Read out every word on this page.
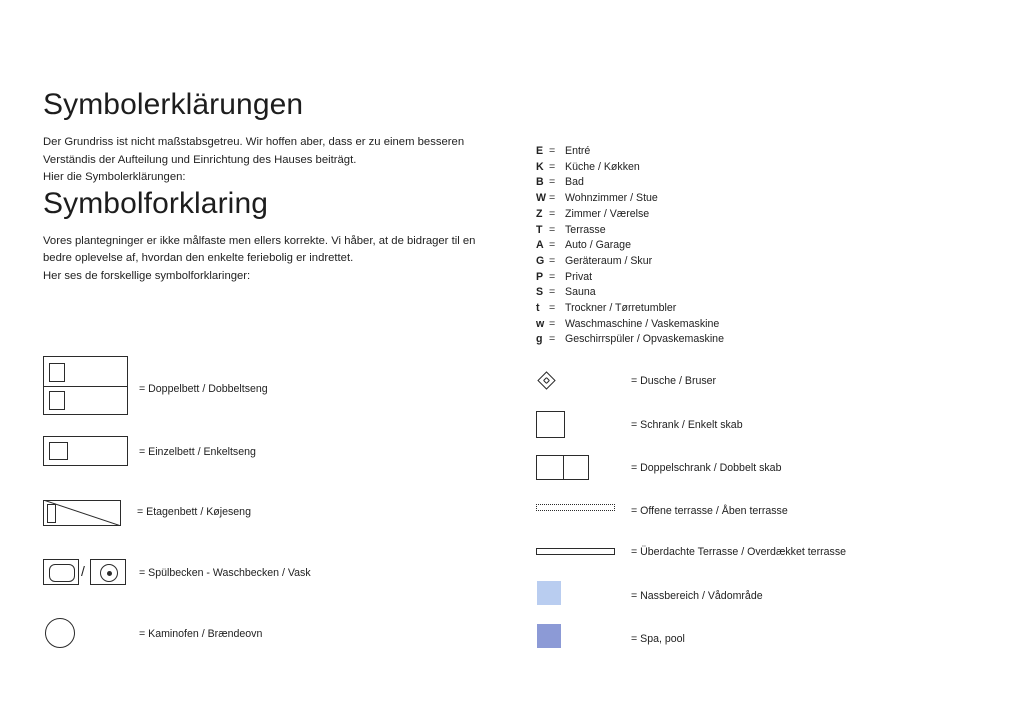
Symbolerklärungen

Der Grundriss ist nicht maßstabsgetreu. Wir hoffen aber, dass er zu einem besseren Verständis der Aufteilung und Einrichtung des Hauses beiträgt.
Hier die Symbolerklärungen:

Symbolforklaring

Vores plantegninger er ikke målfaste men ellers korrekte. Vi håber, at de bidrager til en bedre oplevelse af, hvordan den enkelte feriebolig er indrettet.
Her ses de forskellige symbolforklaringer:

= Doppelbett / Dobbeltseng
= Einzelbett / Enkeltseng
= Etagenbett / Køjeseng
/	= Spülbecken - Waschbecken / Vask
= Kaminofen / Brændeovn
E = Entré
K = Küche / Køkken
B = Bad
W = Wohnzimmer / Stue
Z = Zimmer / Værelse
T = Terrasse
A = Auto / Garage
G = Geräteraum / Skur
P = Privat
S = Sauna
t = Trockner / Tørretumbler
w = Waschmaschine / Vaskemaskine
g = Geschirrspüler / Opvaskemaskine
= Dusche / Bruser
= Schrank / Enkelt skab
= Doppelschrank / Dobbelt skab
= Offene terrasse / Åben terrasse
= Überdachte Terrasse / Overdækket terrasse
= Nassbereich / Vådområde
= Spa, pool
